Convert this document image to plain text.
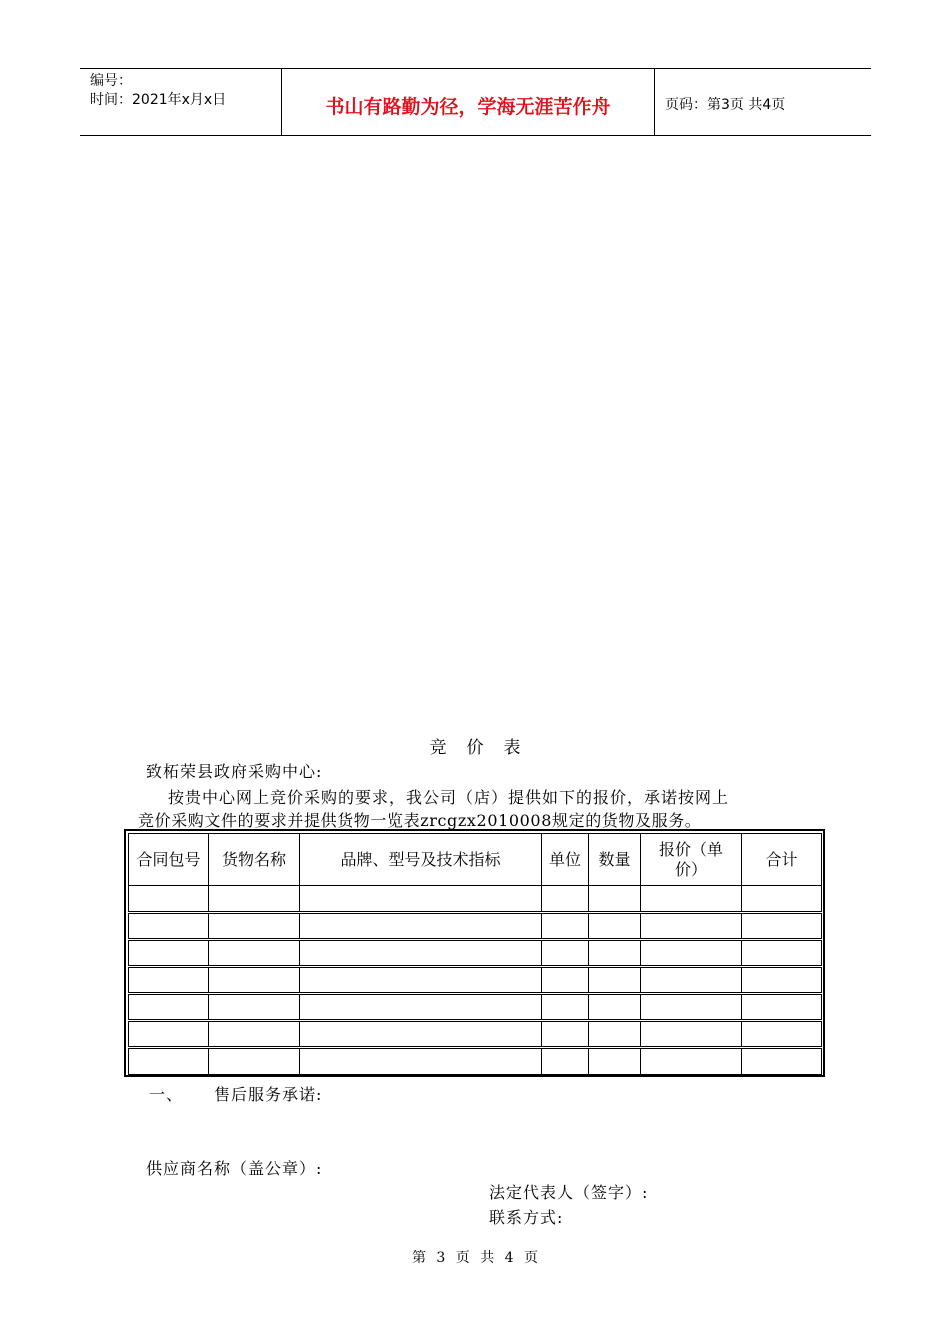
编号：
时间：2021年x月x日	书山有路勤为径，学海无涯苦作舟	页码：第3页 共4页
竞价表
致柘荣县政府采购中心:
按贵中心网上竞价采购的要求，我公司（店）提供如下的报价，承诺按网上
竞价采购文件的要求并提供货物一览表zrcgzx2010008规定的货物及服务。
合同包号	货物名称	品牌、型号及技术指标	单位	数量	报价（单价）	合计

一、 售后服务承诺:
供应商名称（盖公章）:
法定代表人（签字）:
联系方式:
第 3 页 共 4 页
